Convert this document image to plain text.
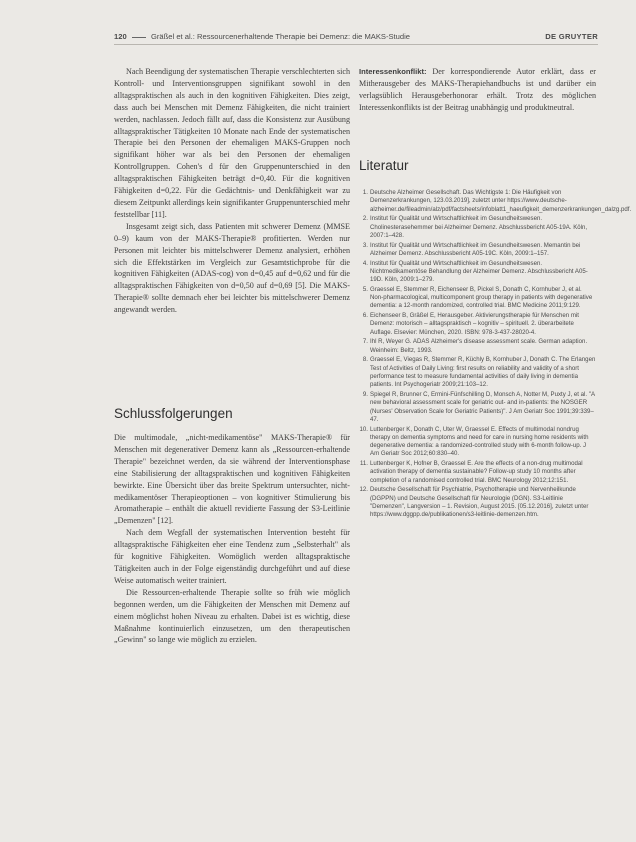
120	Gräßel et al.: Ressourcenerhaltende Therapie bei Demenz: die MAKS-Studie	DE GRUYTER

Nach Beendigung der systematischen Therapie verschlechterten sich Kontroll- und Interventionsgruppen signifikant sowohl in den alltagspraktischen als auch in den kognitiven Fähigkeiten. Dies zeigt, dass auch bei Menschen mit Demenz Fähigkeiten, die nicht trainiert werden, nachlassen. Jedoch fällt auf, dass die Konsistenz zur Ausübung alltagspraktischer Tätigkeiten 10 Monate nach Ende der systematischen Therapie bei den Personen der ehemaligen MAKS-Gruppen noch signifikant höher war als bei den Personen der ehemaligen Kontrollgruppen. Cohen's d für den Gruppenunterschied in den alltagspraktischen Fähigkeiten beträgt d=0,40. Für die kognitiven Fähigkeiten d=0,22. Für die Gedächtnis- und Denkfähigkeit war zu diesem Zeitpunkt allerdings kein signifikanter Gruppenunterschied mehr feststellbar [11].

Insgesamt zeigt sich, dass Patienten mit schwerer Demenz (MMSE 0–9) kaum von der MAKS-Therapie® profitierten. Werden nur Personen mit leichter bis mittelschwerer Demenz analysiert, erhöhen sich die Effektstärken im Vergleich zur Gesamtstichprobe für die kognitiven Fähigkeiten (ADAS-cog) von d=0,45 auf d=0,62 und für die alltagspraktischen Fähigkeiten von d=0,50 auf d=0,69 [5]. Die MAKS-Therapie® sollte demnach eher bei leichter bis mittelschwerer Demenz angewandt werden.

Schlussfolgerungen

Die multimodale, „nicht-medikamentöse" MAKS-Therapie® für Menschen mit degenerativer Demenz kann als „Ressourcen-erhaltende Therapie" bezeichnet werden, da sie während der Interventionsphase eine Stabilisierung der alltagspraktischen und kognitiven Fähigkeiten bewirkte. Eine Übersicht über das breite Spektrum untersuchter, nicht-medikamentöser Therapieoptionen – von kognitiver Stimulierung bis Aromatherapie – enthält die aktuell revidierte Fassung der S3-Leitlinie „Demenzen" [12].

Nach dem Wegfall der systematischen Intervention besteht für alltagspraktische Fähigkeiten eher eine Tendenz zum „Selbsterhalt" als für kognitive Fähigkeiten. Womöglich werden alltagspraktische Tätigkeiten auch in der Folge eigenständig durchgeführt und auf diese Weise automatisch weiter trainiert.

Die Ressourcen-erhaltende Therapie sollte so früh wie möglich begonnen werden, um die Fähigkeiten der Menschen mit Demenz auf einem möglichst hohen Niveau zu erhalten. Dabei ist es wichtig, diese Maßnahme kontinuierlich einzusetzen, um den therapeutischen „Gewinn" so lange wie möglich zu erzielen.

Interessenkonflikt: Der korrespondierende Autor erklärt, dass er Mitherausgeber des MAKS-Therapiehandbuchs ist und darüber ein verlagsüblich Herausgeberhonorar erhält. Trotz des möglichen Interessenkonflikts ist der Beitrag unabhängig und produktneutral.

Literatur
1. Deutsche Alzheimer Gesellschaft. Das Wichtigste 1: Die Häufigkeit von Demenzerkrankungen, 123.03.2019], zuletzt unter https://www.deutsche-alzheimer.de/fileadmin/alz/pdf/factsheets/infoblatt1_haeufigkeit_demenzerkrankungen_dalzg.pdf.
2. Institut für Qualität und Wirtschaftlichkeit im Gesundheitswesen. Cholinesterasehemmer bei Alzheimer Demenz. Abschlussbericht A05-19A. Köln, 2007:1–428.
3. Institut für Qualität und Wirtschaftlichkeit im Gesundheitswesen. Memantin bei Alzheimer Demenz. Abschlussbericht A05-19C. Köln, 2009:1–157.
4. Institut für Qualität und Wirtschaftlichkeit im Gesundheitswesen. Nichtmedikamentöse Behandlung der Alzheimer Demenz. Abschlussbericht A05-19D. Köln, 2009:1–279.
5. Graessel E, Stemmer R, Eichenseer B, Pickel S, Donath C, Kornhuber J, et al. Non-pharmacological, multicomponent group therapy in patients with degenerative dementia: a 12-month randomized, controlled trial. BMC Medicine 2011;9:129.
6. Eichenseer B, Gräßel E, Herausgeber. Aktivierungstherapie für Menschen mit Demenz: motorisch – alltagspraktisch – kognitiv – spirituell. 2. überarbeitete Auflage. Elsevier: München, 2020. ISBN: 978-3-437-28020-4.
7. Ihl R, Weyer G. ADAS Alzheimer's disease assessment scale. German adaption. Weinheim: Beltz, 1993.
8. Graessel E, Viegas R, Stemmer R, Küchly B, Kornhuber J, Donath C. The Erlangen Test of Activities of Daily Living: first results on reliability and validity of a short performance test to measure fundamental activities of daily living in dementia patients. Int Psychogeriatr 2009;21:103–12.
9. Spiegel R, Brunner C, Ermini-Fünfschilling D, Monsch A, Notter M, Puxty J, et al. "A new behavioral assessment scale for geriatric out- and in-patients: the NOSGER (Nurses' Observation Scale for Geriatric Patients)". J Am Geriatr Soc 1991;39:339–47.
10. Luttenberger K, Donath C, Uter W, Graessel E. Effects of multimodal nondrug therapy on dementia symptoms and need for care in nursing home residents with degenerative dementia: a randomized-controlled study with 6-month follow-up. J Am Geriatr Soc 2012;60:830–40.
11. Luttenberger K, Hofner B, Graessel E. Are the effects of a non-drug multimodal activation therapy of dementia sustainable? Follow-up study 10 months after completion of a randomised controlled trial. BMC Neurology 2012;12:151.
12. Deutsche Gesellschaft für Psychiatrie, Psychotherapie und Nervenheilkunde (DGPPN) und Deutsche Gesellschaft für Neurologie (DGN). S3-Leitlinie "Demenzen", Langversion – 1. Revision, August 2015. [05.12.2016], zuletzt unter https://www.dggpp.de/publikationen/s3-leitlinie-demenzen.htm.
